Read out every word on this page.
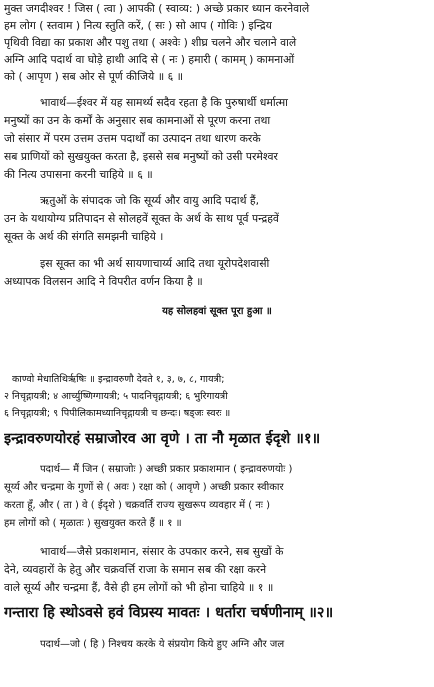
मुक्त जगदीश्वर ! जिस ( त्वा ) आपकी ( स्वाव्य: ) अच्छे प्रकार ध्यान करनेवाले
हम लोग ( स्तवाम ) नित्य स्तुति करें, ( सः ) सो आप ( गोविः ) इन्द्रिय
पृथिवी विद्या का प्रकाश और पशु तथा ( अश्वेः ) शीघ्र चलने और चलाने वाले
अग्नि आदि पदार्थ वा घोड़े हाथी आदि से ( नः ) हमारी ( कामम् ) कामनाओं
को ( आपृण ) सब ओर से पूर्ण कीजिये ॥ ६ ॥
भावार्थ—ईश्वर में यह सामर्थ्य सदैव रहता है कि पुरुषार्थी धर्मात्मा
मनुष्यों का उन के कर्मों के अनुसार सब कामनाओं से पूरण करना तथा
जो संसार में परम उत्तम उत्तम पदार्थों का उत्पादन तथा धारण करके
सब प्राणियों को सुखयुक्त करता है, इससे सब मनुष्यों को उसी परमेश्वर
की नित्य उपासना करनी चाहिये ॥ ६ ॥
ऋतुओं के संपादक जो कि सूर्य्य और वायु आदि पदार्थ हैं,
उन के यथायोग्य प्रतिपादन से सोलहवें सूक्त के अर्थ के साथ पूर्व पन्द्रहवें
सूक्त के अर्थ की संगति समझनी चाहिये ।
इस सूक्त का भी अर्थ सायणाचार्य्य आदि तथा यूरोपदेशवासी
अध्यापक विलसन आदि ने विपरीत वर्णन किया है ॥
यह सोलहवां सूक्त पूरा हुआ ॥
काण्वो मेधातिथिर्ऋषिः ॥ इन्द्रावरुणौ देवते १, ३, ७, ८, गायत्री;
२ निचृद्गायत्री; ४ आर्च्युष्णिग्गायत्री; ५ पादनिचृद्गायत्री; ६ भुरिगायत्री
६ निचृद्गायत्री; ९ पिपीलिकामध्यानिचृद्गायत्री च छन्दः। षड्जः स्वरः ॥
इन्द्रावरुणयोरहं सम्राजोरव आ वृणे । ता नौ मृळात ईदृशे ॥१॥
पदार्थ— मैं जिन ( सम्राजोः ) अच्छी प्रकार प्रकाशमान ( इन्द्रावरुणयोः )
सूर्य्य और चन्द्रमा के गुणों से ( अवः ) रक्षा को ( आवृणे ) अच्छी प्रकार स्वीकार
करता हूँ, और ( ता ) वे ( ईदृशे ) चक्रवर्ति राज्य सुखरूप व्यवहार में ( नः )
हम लोगों को ( मृळातः ) सुखयुक्त करते हैं ॥ १ ॥
भावार्थ—जैसे प्रकाशमान, संसार के उपकार करने, सब सुखों के
देने, व्यवहारों के हेतु और चक्रवर्त्ति राजा के समान सब की रक्षा करने
वाले सूर्य्य और चन्द्रमा हैं, वैसे ही हम लोगों को भी होना चाहिये ॥ १ ॥
गन्तारा हि स्थोऽवसे हवं विप्रस्य मावतः । धर्तारा चर्षणीनाम् ॥२॥
पदार्थ—जो ( हि ) निश्चय करके ये संप्रयोग किये हुए अग्नि और जल
